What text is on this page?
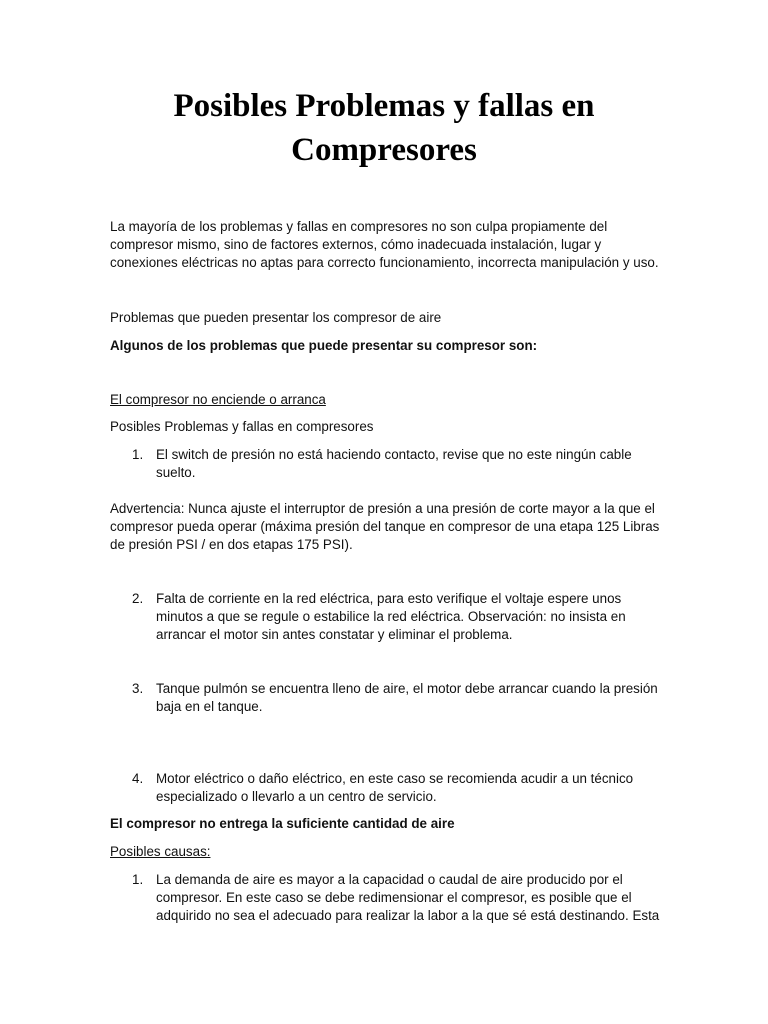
Posibles Problemas y fallas en
Compresores

La mayoría de los problemas y fallas en compresores no son culpa propiamente del compresor mismo, sino de factores externos, cómo inadecuada instalación, lugar y conexiones eléctricas no aptas para correcto funcionamiento, incorrecta manipulación y uso.

Problemas que pueden presentar los compresor de aire

Algunos de los problemas que puede presentar su compresor son:

El compresor no enciende o arranca

Posibles Problemas y fallas en compresores

1. El switch de presión no está haciendo contacto, revise que no este ningún cable suelto.

Advertencia: Nunca ajuste el interruptor de presión a una presión de corte mayor a la que el compresor pueda operar (máxima presión del tanque en compresor de una etapa 125 Libras de presión PSI / en dos etapas 175 PSI).

2. Falta de corriente en la red eléctrica, para esto verifique el voltaje espere unos minutos a que se regule o estabilice la red eléctrica. Observación: no insista en arrancar el motor sin antes constatar y eliminar el problema.
3. Tanque pulmón se encuentra lleno de aire, el motor debe arrancar cuando la presión baja en el tanque.
4. Motor eléctrico o daño eléctrico, en este caso se recomienda acudir a un técnico especializado o llevarlo a un centro de servicio.

El compresor no entrega la suficiente cantidad de aire

Posibles causas:

1. La demanda de aire es mayor a la capacidad o caudal de aire producido por el compresor. En este caso se debe redimensionar el compresor, es posible que el adquirido no sea el adecuado para realizar la labor a la que sé está destinando. Esta
